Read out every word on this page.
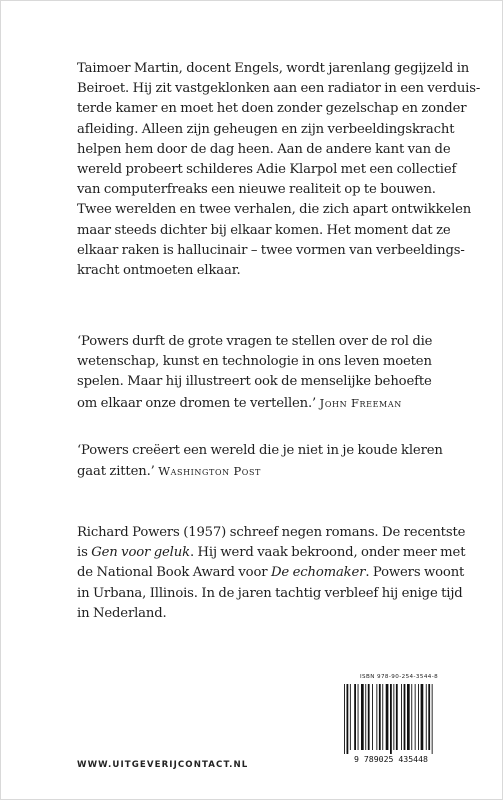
Taimoer Martin, docent Engels, wordt jarenlang gegijzeld in
Beiroet. Hij zit vastgeklonken aan een radiator in een verduis-
terde kamer en moet het doen zonder gezelschap en zonder
afleiding. Alleen zijn geheugen en zijn verbeeldingskracht
helpen hem door de dag heen. Aan de andere kant van de
wereld probeert schilderes Adie Klarpol met een collectief
van computerfreaks een nieuwe realiteit op te bouwen.
Twee werelden en twee verhalen, die zich apart ontwikkelen
maar steeds dichter bij elkaar komen. Het moment dat ze
elkaar raken is hallucinair – twee vormen van verbeeldings-
kracht ontmoeten elkaar.

‘Powers durft de grote vragen te stellen over de rol die
wetenschap, kunst en technologie in ons leven moeten
spelen. Maar hij illustreert ook de menselijke behoefte
om elkaar onze dromen te vertellen.’ John Freeman

‘Powers creëert een wereld die je niet in je koude kleren
gaat zitten.’ Washington Post

Richard Powers (1957) schreef negen romans. De recentste
is Gen voor geluk. Hij werd vaak bekroond, onder meer met
de National Book Award voor De echomaker. Powers woont
in Urbana, Illinois. In de jaren tachtig verbleef hij enige tijd
in Nederland.

ISBN 978-90-254-3544-8
9 789025 435448
WWW.UITGEVERIJCONTACT.NL
